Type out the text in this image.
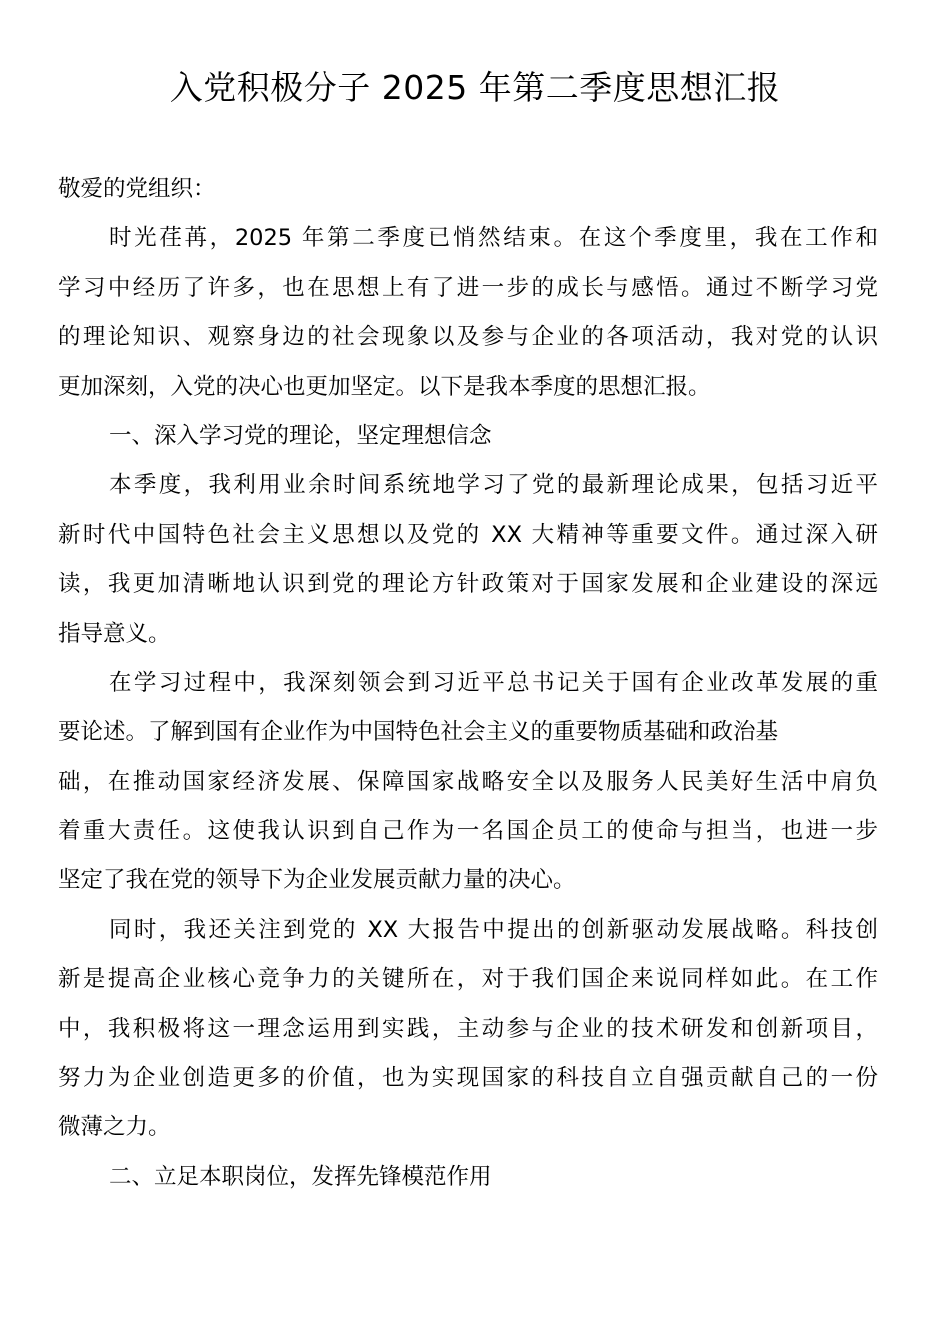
入党积极分子 2025 年第二季度思想汇报
敬爱的党组织：
时光荏苒，2025 年第二季度已悄然结束。在这个季度里，我在工作和
学习中经历了许多，也在思想上有了进一步的成长与感悟。通过不断学习党
的理论知识、观察身边的社会现象以及参与企业的各项活动，我对党的认识
更加深刻，入党的决心也更加坚定。以下是我本季度的思想汇报。
一、深入学习党的理论，坚定理想信念
本季度，我利用业余时间系统地学习了党的最新理论成果，包括习近平
新时代中国特色社会主义思想以及党的 XX 大精神等重要文件。通过深入研
读，我更加清晰地认识到党的理论方针政策对于国家发展和企业建设的深远
指导意义。
在学习过程中，我深刻领会到习近平总书记关于国有企业改革发展的重
要论述。了解到国有企业作为中国特色社会主义的重要物质基础和政治基
础，在推动国家经济发展、保障国家战略安全以及服务人民美好生活中肩负
着重大责任。这使我认识到自己作为一名国企员工的使命与担当，也进一步
坚定了我在党的领导下为企业发展贡献力量的决心。
同时，我还关注到党的 XX 大报告中提出的创新驱动发展战略。科技创
新是提高企业核心竞争力的关键所在，对于我们国企来说同样如此。在工作
中，我积极将这一理念运用到实践，主动参与企业的技术研发和创新项目，
努力为企业创造更多的价值，也为实现国家的科技自立自强贡献自己的一份
微薄之力。
二、立足本职岗位，发挥先锋模范作用
